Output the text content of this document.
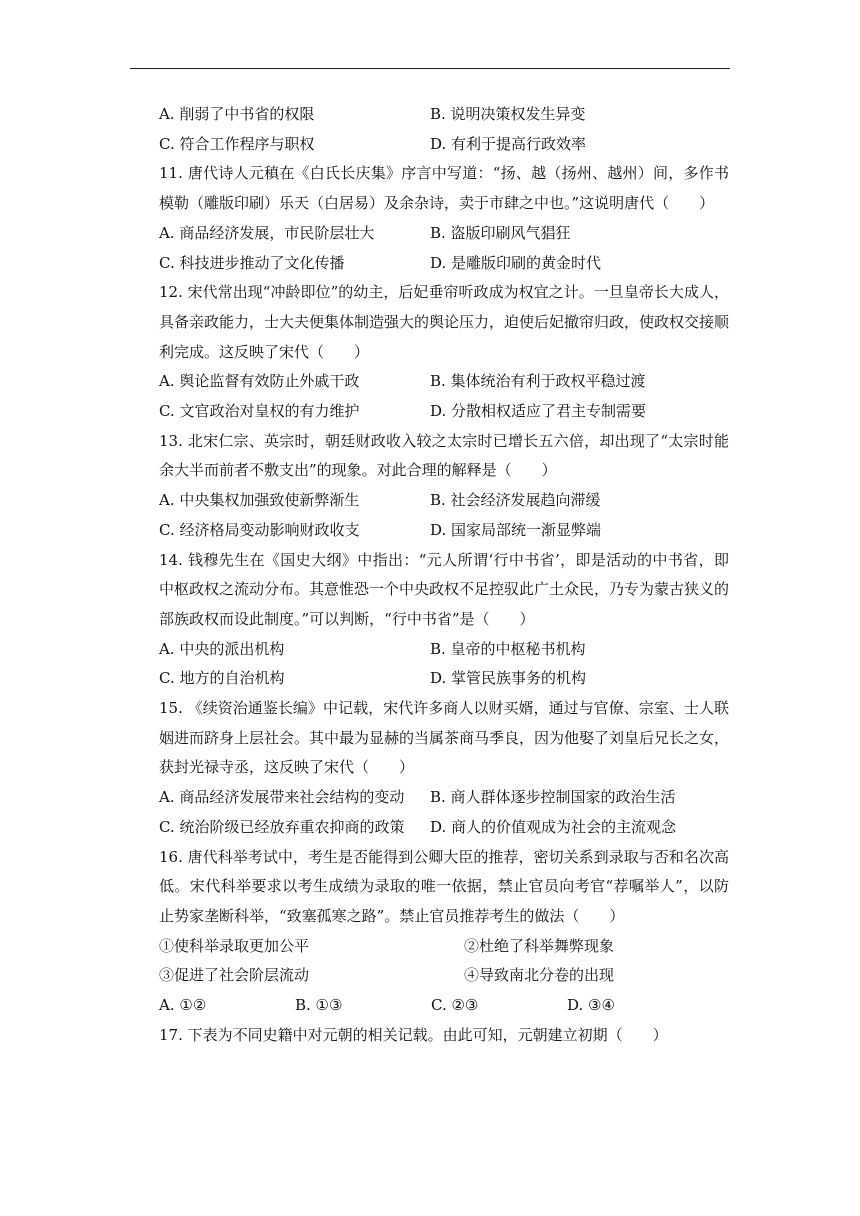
A. 削弱了中书省的权限	B. 说明决策权发生异变
C. 符合工作程序与职权	D. 有利于提高行政效率
11. 唐代诗人元稹在《白氏长庆集》序言中写道：“扬、越（扬州、越州）间，多作书模勒（雕版印刷）乐天（白居易）及余杂诗，卖于市肆之中也。”这说明唐代（　　）
A. 商品经济发展，市民阶层壮大	B. 盗版印刷风气猖狂
C. 科技进步推动了文化传播	D. 是雕版印刷的黄金时代
12. 宋代常出现“冲龄即位”的幼主，后妃垂帘听政成为权宜之计。一旦皇帝长大成人，具备亲政能力，士大夫便集体制造强大的舆论压力，迫使后妃撤帘归政，使政权交接顺利完成。这反映了宋代（　　）
A. 舆论监督有效防止外戚干政	B. 集体统治有利于政权平稳过渡
C. 文官政治对皇权的有力维护	D. 分散相权适应了君主专制需要
13. 北宋仁宗、英宗时，朝廷财政收入较之太宗时已增长五六倍，却出现了“太宗时能余大半而前者不敷支出”的现象。对此合理的解释是（　　）
A. 中央集权加强致使新弊渐生	B. 社会经济发展趋向滞缓
C. 经济格局变动影响财政收支	D. 国家局部统一渐显弊端
14. 钱穆先生在《国史大纲》中指出：“元人所谓‘行中书省’，即是活动的中书省，即中枢政权之流动分布。其意惟恐一个中央政权不足控驭此广土众民，乃专为蒙古狭义的部族政权而设此制度。”可以判断，“行中书省”是（　　）
A. 中央的派出机构	B. 皇帝的中枢秘书机构
C. 地方的自治机构	D. 掌管民族事务的机构
15. 《续资治通鉴长编》中记载，宋代许多商人以财买婿，通过与官僚、宗室、士人联姻进而跻身上层社会。其中最为显赫的当属茶商马季良，因为他娶了刘皇后兄长之女，获封光禄寺丞，这反映了宋代（　　）
A. 商品经济发展带来社会结构的变动	B. 商人群体逐步控制国家的政治生活
C. 统治阶级已经放弃重农抑商的政策	D. 商人的价值观成为社会的主流观念
16. 唐代科举考试中，考生是否能得到公卿大臣的推荐，密切关系到录取与否和名次高低。宋代科举要求以考生成绩为录取的唯一依据，禁止官员向考官“荐嘱举人”，以防止势家垄断科举，“致塞孤寒之路”。禁止官员推荐考生的做法（　　）
①使科举录取更加公平	②杜绝了科举舞弊现象
③促进了社会阶层流动	④导致南北分卷的出现
A. ①②	B. ①③	C. ②③	D. ③④
17. 下表为不同史籍中对元朝的相关记载。由此可知，元朝建立初期（　　）
